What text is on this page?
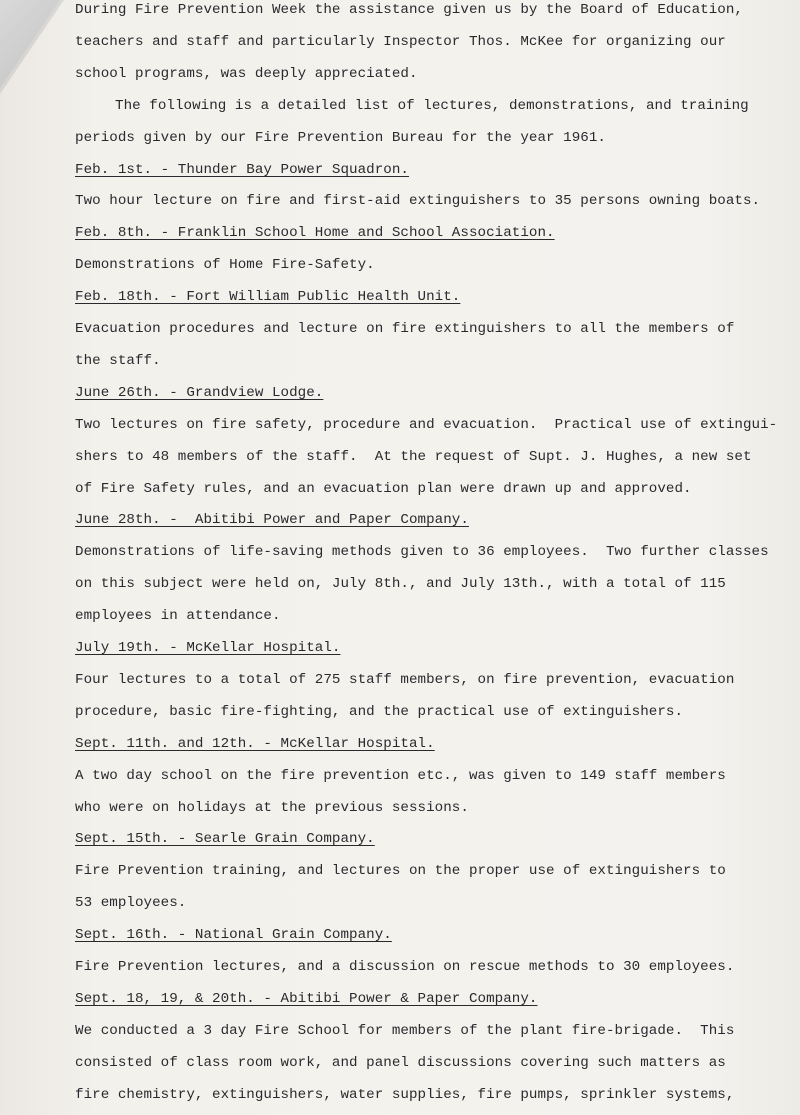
During Fire Prevention Week the assistance given us by the Board of Education,

teachers and staff and particularly Inspector Thos. McKee for organizing our

school programs, was deeply appreciated.

The following is a detailed list of lectures, demonstrations, and training

periods given by our Fire Prevention Bureau for the year 1961.

Feb. 1st. - Thunder Bay Power Squadron.

Two hour lecture on fire and first-aid extinguishers to 35 persons owning boats.

Feb. 8th. - Franklin School Home and School Association.

Demonstrations of Home Fire-Safety.

Feb. 18th. - Fort William Public Health Unit.

Evacuation procedures and lecture on fire extinguishers to all the members of

the staff.

June 26th. - Grandview Lodge.

Two lectures on fire safety, procedure and evacuation.  Practical use of extingui-

shers to 48 members of the staff.  At the request of Supt. J. Hughes, a new set

of Fire Safety rules, and an evacuation plan were drawn up and approved.

June 28th. -  Abitibi Power and Paper Company.

Demonstrations of life-saving methods given to 36 employees.  Two further classes

on this subject were held on, July 8th., and July 13th., with a total of 115

employees in attendance.

July 19th. - McKellar Hospital.

Four lectures to a total of 275 staff members, on fire prevention, evacuation

procedure, basic fire-fighting, and the practical use of extinguishers.

Sept. 11th. and 12th. - McKellar Hospital.

A two day school on the fire prevention etc., was given to 149 staff members

who were on holidays at the previous sessions.

Sept. 15th. - Searle Grain Company.

Fire Prevention training, and lectures on the proper use of extinguishers to

53 employees.

Sept. 16th. - National Grain Company.

Fire Prevention lectures, and a discussion on rescue methods to 30 employees.

Sept. 18, 19, & 20th. - Abitibi Power & Paper Company.

We conducted a 3 day Fire School for members of the plant fire-brigade.  This

consisted of class room work, and panel discussions covering such matters as

fire chemistry, extinguishers, water supplies, fire pumps, sprinkler systems,
